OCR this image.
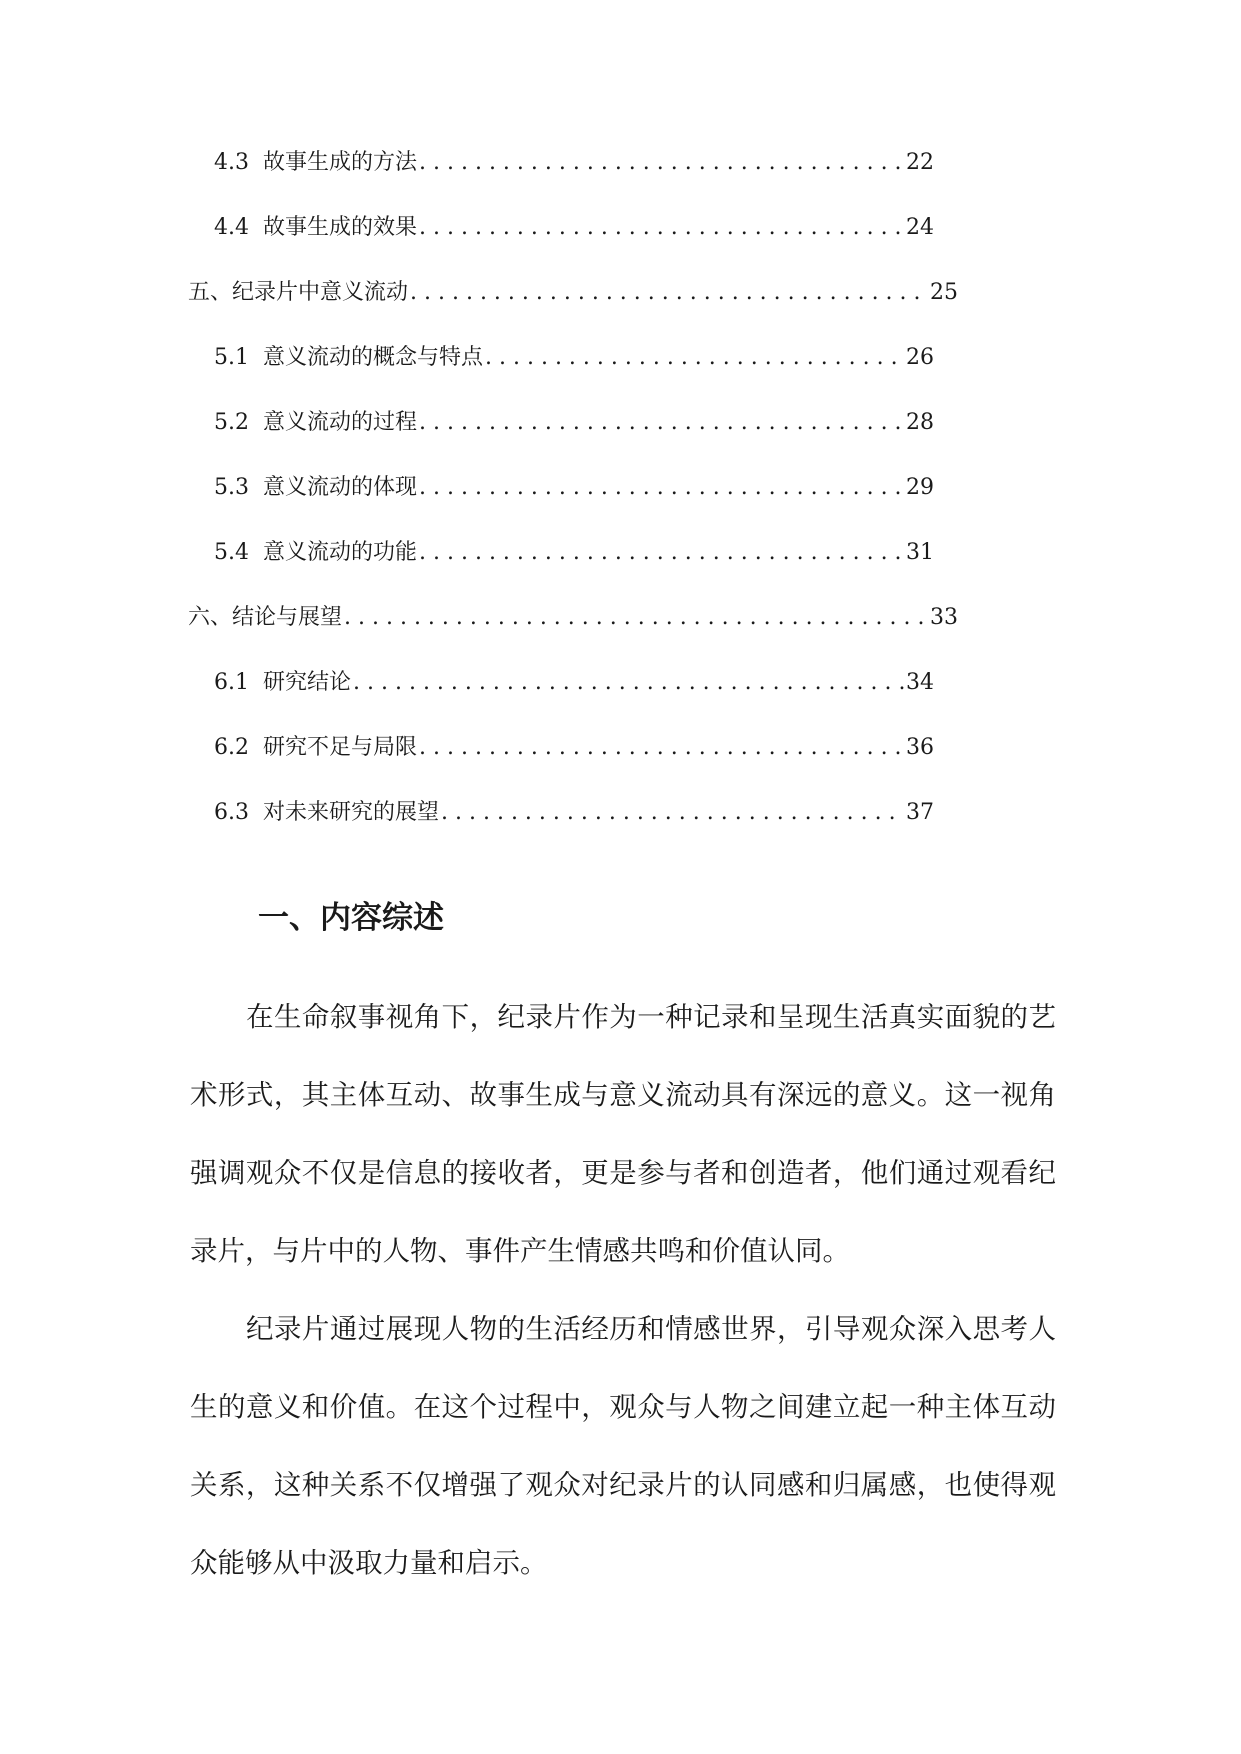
4.3 故事生成的方法 . . .	22
4.4 故事生成的效果 . . .	24
五、纪录片中意义流动 . . .	25
5.1 意义流动的概念与特点 . . .	26
5.2 意义流动的过程 . . .	28
5.3 意义流动的体现 . . .	29
5.4 意义流动的功能 . . .	31
六、结论与展望 . . .	33
6.1 研究结论 . . .	34
6.2 研究不足与局限 . . .	36
6.3 对未来研究的展望 . . .	37
一、内容综述

在生命叙事视角下，纪录片作为一种记录和呈现生活真实面貌的艺术形式，其主体互动、故事生成与意义流动具有深远的意义。这一视角强调观众不仅是信息的接收者，更是参与者和创造者，他们通过观看纪录片，与片中的人物、事件产生情感共鸣和价值认同。

纪录片通过展现人物的生活经历和情感世界，引导观众深入思考人生的意义和价值。在这个过程中，观众与人物之间建立起一种主体互动关系，这种关系不仅增强了观众对纪录片的认同感和归属感，也使得观众能够从中汲取力量和启示。
